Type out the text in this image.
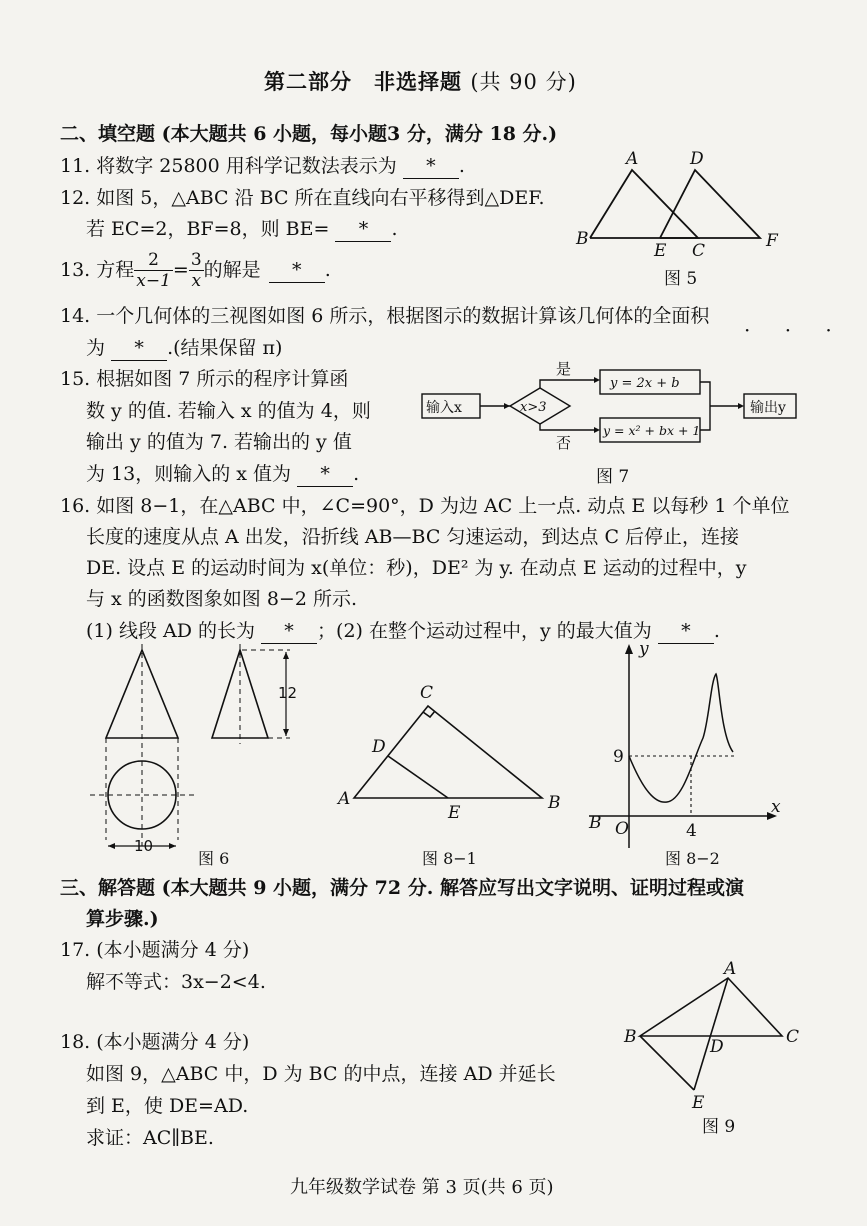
第二部分　非选择题 (共 90 分)
二、填空题 (本大题共 6 小题，每小题3 分，满分 18 分.)
11. 将数字 25800 用科学记数法表示为 * .
12. 如图 5，△ABC 沿 BC 所在直线向右平移得到△DEF.
若 EC=2，BF=8，则 BE= * .
13. 方程 $\frac{2}{x-1} = \frac{3}{x}$ 的解是	*	.
14. 一个几何体的三视图如图 6 所示，根据图示的数据计算该几何体的全面积
· · ·
为 * .(结果保留 π)
15. 根据如图 7 所示的程序计算函
数 y 的值. 若输入 x 的值为 4，则
输出 y 的值为 7. 若输出的 y 值
为 13，则输入的 x 值为 * .
16. 如图 8−1，在△ABC 中，∠C=90°，D 为边 AC 上一点. 动点 E 以每秒 1 个单位
长度的速度从点 A 出发，沿折线 AB—BC 匀速运动，到达点 C 后停止，连接
DE. 设点 E 的运动时间为 x(单位：秒)，DE² 为 y. 在动点 E 运动的过程中，y
与 x 的函数图象如图 8−2 所示.
(1) 线段 AD 的长为 * ；(2) 在整个运动过程中，y 的最大值为 * .
A	D
B
E C	F
图 5
输入x	x>3
是
否
y = 2x + b
y = x² + bx + 1
输出y
图 7
12
10
图 6
C
D
A
E	B
图 8−1
y
x
O
B
9
4
图 8−2
三、解答题 (本大题共 9 小题，满分 72 分. 解答应写出文字说明、证明过程或演
算步骤.)
17. (本小题满分 4 分)
解不等式：3x−2<4.
18. (本小题满分 4 分)
如图 9，△ABC 中，D 为 BC 的中点，连接 AD 并延长
到 E，使 DE=AD.
求证：AC∥BE.
A
B	C
D
E
图 9
九年级数学试卷 第 3 页(共 6 页)
